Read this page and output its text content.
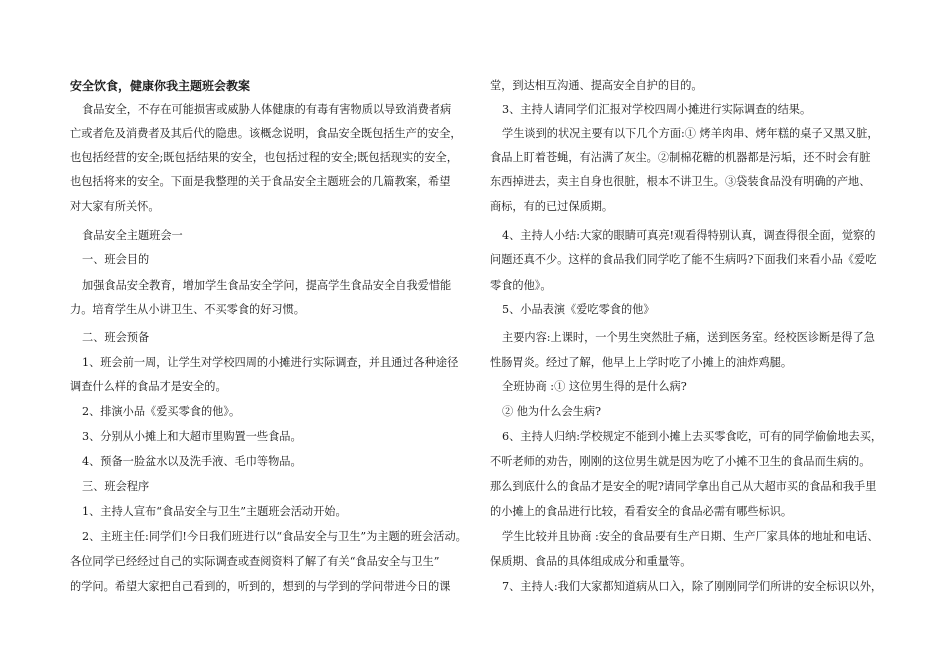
安全饮食，健康你我主题班会教案
食品安全，不存在可能损害或威胁人体健康的有毒有害物质以导致消费者病
亡或者危及消费者及其后代的隐患。该概念说明，食品安全既包括生产的安全，
也包括经营的安全;既包括结果的安全，也包括过程的安全;既包括现实的安全，
也包括将来的安全。下面是我整理的关于食品安全主题班会的几篇教案，希望
对大家有所关怀。
食品安全主题班会一
一、班会目的
加强食品安全教育，增加学生食品安全学问，提高学生食品安全自我爱惜能
力。培育学生从小讲卫生、不买零食的好习惯。
二、班会预备
1、班会前一周，让学生对学校四周的小摊进行实际调查，并且通过各种途径
调查什么样的食品才是安全的。
2、排演小品《爱买零食的他》。
3、分别从小摊上和大超市里购置一些食品。
4、预备一脸盆水以及洗手液、毛巾等物品。
三、班会程序
1、主持人宣布“食品安全与卫生”主题班会活动开始。
2、主班主任:同学们!今日我们班进行以“食品安全与卫生”为主题的班会活动。
各位同学已经经过自己的实际调查或查阅资料了解了有关“食品安全与卫生”
的学问。希望大家把自己看到的，听到的，想到的与学到的学问带进今日的课
堂，到达相互沟通、提高安全自护的目的。
3、主持人请同学们汇报对学校四周小摊进行实际调查的结果。
学生谈到的状况主要有以下几个方面:① 烤羊肉串、烤年糕的桌子又黑又脏，
食品上盯着苍蝇，有沾满了灰尘。②制棉花糖的机器都是污垢，还不时会有脏
东西掉进去，卖主自身也很脏，根本不讲卫生。③袋装食品没有明确的产地、
商标，有的已过保质期。
4、主持人小结:大家的眼睛可真亮!观看得特别认真，调查得很全面，觉察的
问题还真不少。这样的食品我们同学吃了能不生病吗?下面我们来看小品《爱吃
零食的他》。
5、小品表演《爱吃零食的他》
主要内容:上课时，一个男生突然肚子痛，送到医务室。经校医诊断是得了急
性肠胃炎。经过了解，他早上上学时吃了小摊上的油炸鸡腿。
全班协商 :① 这位男生得的是什么病?
② 他为什么会生病?
6、主持人归纳:学校规定不能到小摊上去买零食吃，可有的同学偷偷地去买，
不听老师的劝告，刚刚的这位男生就是因为吃了小摊不卫生的食品而生病的。
那么到底什么的食品才是安全的呢?请同学拿出自己从大超市买的食品和我手里
的小摊上的食品进行比较，看看安全的食品必需有哪些标识。
学生比较并且协商 :安全的食品要有生产日期、生产厂家具体的地址和电话、
保质期、食品的具体组成成分和重量等。
7、主持人:我们大家都知道病从口入，除了刚刚同学们所讲的安全标识以外，
